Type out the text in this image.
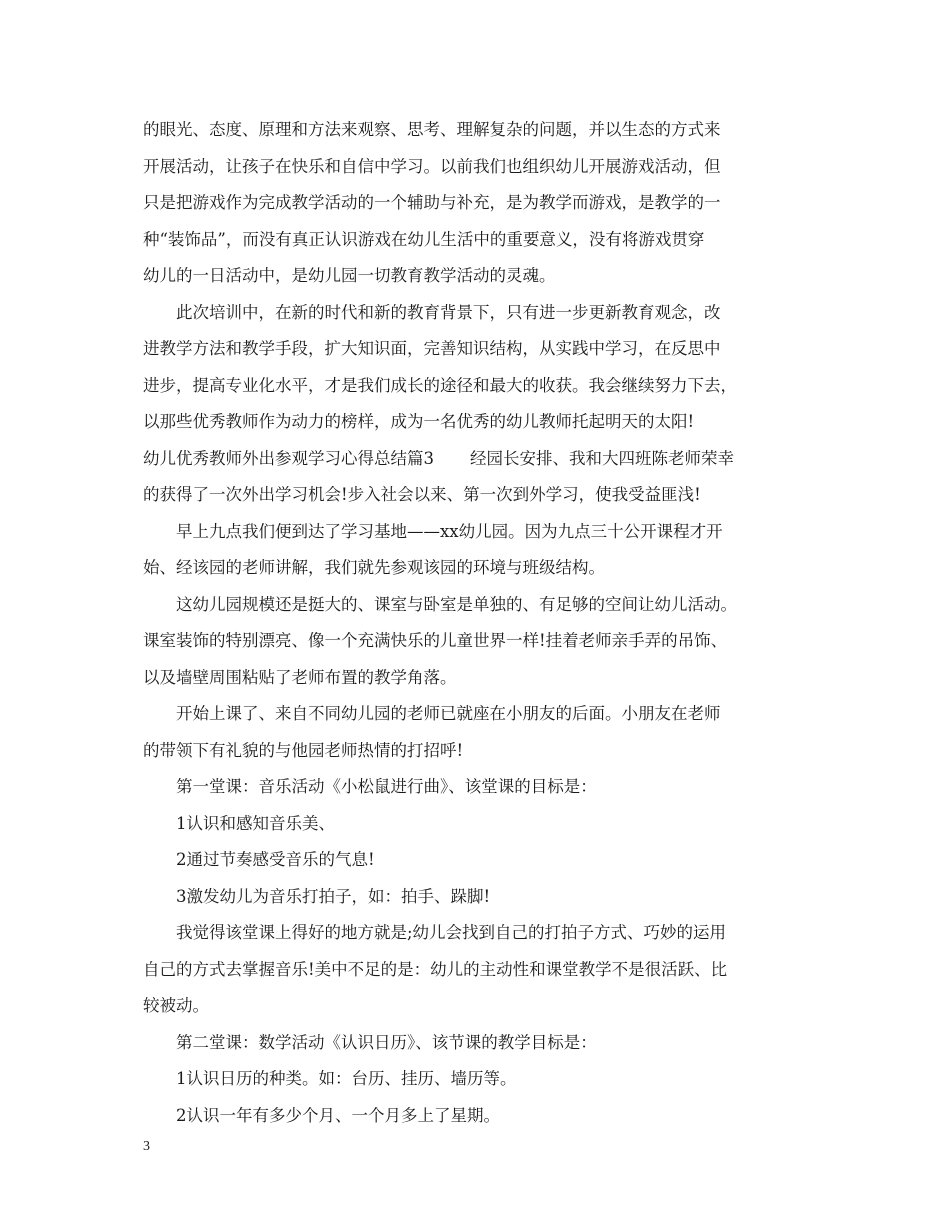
的眼光、态度、原理和方法来观察、思考、理解复杂的问题，并以生态的方式来
开展活动，让孩子在快乐和自信中学习。以前我们也组织幼儿开展游戏活动，但
只是把游戏作为完成教学活动的一个辅助与补充，是为教学而游戏，是教学的一
种“装饰品”，而没有真正认识游戏在幼儿生活中的重要意义，没有将游戏贯穿
幼儿的一日活动中，是幼儿园一切教育教学活动的灵魂。
此次培训中，在新的时代和新的教育背景下，只有进一步更新教育观念，改
进教学方法和教学手段，扩大知识面，完善知识结构，从实践中学习，在反思中
进步，提高专业化水平，才是我们成长的途径和最大的收获。我会继续努力下去，
以那些优秀教师作为动力的榜样，成为一名优秀的幼儿教师托起明天的太阳!
幼儿优秀教师外出参观学习心得总结篇3 经园长安排、我和大四班陈老师荣幸
的获得了一次外出学习机会!步入社会以来、第一次到外学习，使我受益匪浅!
早上九点我们便到达了学习基地——xx幼儿园。因为九点三十公开课程才开
始、经该园的老师讲解，我们就先参观该园的环境与班级结构。
这幼儿园规模还是挺大的、课室与卧室是单独的、有足够的空间让幼儿活动。
课室装饰的特别漂亮、像一个充满快乐的儿童世界一样!挂着老师亲手弄的吊饰、
以及墙壁周围粘贴了老师布置的教学角落。
开始上课了、来自不同幼儿园的老师已就座在小朋友的后面。小朋友在老师
的带领下有礼貌的与他园老师热情的打招呼!
第一堂课：音乐活动《小松鼠进行曲》、该堂课的目标是：
1认识和感知音乐美、
2通过节奏感受音乐的气息!
3激发幼儿为音乐打拍子，如：拍手、跺脚!
我觉得该堂课上得好的地方就是;幼儿会找到自己的打拍子方式、巧妙的运用
自己的方式去掌握音乐!美中不足的是：幼儿的主动性和课堂教学不是很活跃、比
较被动。
第二堂课：数学活动《认识日历》、该节课的教学目标是：
1认识日历的种类。如：台历、挂历、墙历等。
2认识一年有多少个月、一个月多上了星期。
3
